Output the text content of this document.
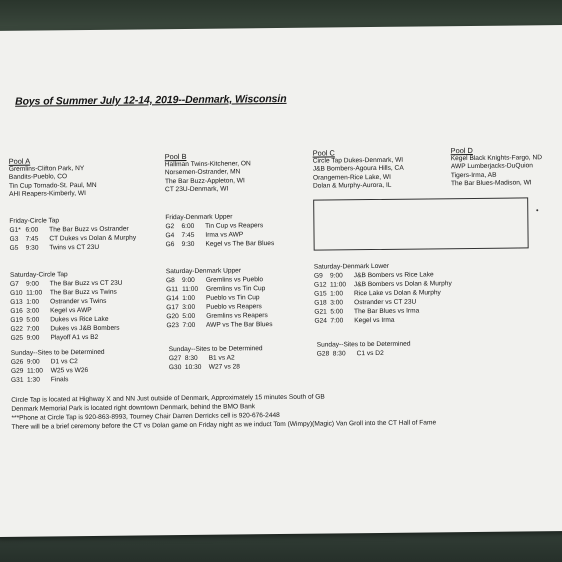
Boys of Summer July 12-14, 2019--Denmark, Wisconsin
Pool A
Gremlins-Clifton Park, NY
Bandits-Pueblo, CO
Tin Cup Tornado-St. Paul, MN
AHI Reapers-Kimberly, WI
Pool B
Hallman Twins-Kitchener, ON
Norsemen-Ostrander, MN
The Bar Buzz-Appleton, WI
CT 23U-Denmark, WI
Pool C
Circle Tap Dukes-Denmark, WI
J&B Bombers-Agoura Hills, CA
Orangemen-Rice Lake, WI
Dolan & Murphy-Aurora, IL
Pool D
Kegel Black Knights-Fargo, ND
AWP Lumberjacks-DuQuion
Tigers-Irma, AB
The Bar Blues-Madison, WI
Friday-Circle Tap
G1* 6:00 The Bar Buzz vs Ostrander
G3 7:45 CT Dukes vs Dolan & Murphy
G5 9:30 Twins vs CT 23U
Friday-Denmark Upper
G2 6:00 Tin Cup vs Reapers
G4 7:45 Irma vs AWP
G6 9:30 Kegel vs The Bar Blues
Saturday-Circle Tap
G7 9:00 The Bar Buzz vs CT 23U
G10 11:00 The Bar Buzz vs Twins
G13 1:00 Ostrander vs Twins
G16 3:00 Kegel vs AWP
G19 5:00 Dukes vs Rice Lake
G22 7:00 Dukes vs J&B Bombers
G25 9:00 Playoff A1 vs B2
Saturday-Denmark Upper
G8 9:00 Gremlins vs Pueblo
G11 11:00 Gremlins vs Tin Cup
G14 1:00 Pueblo vs Tin Cup
G17 3:00 Pueblo vs Reapers
G20 5:00 Gremlins vs Reapers
G23 7:00 AWP vs The Bar Blues
Saturday-Denmark Lower
G9 9:00 J&B Bombers vs Rice Lake
G12 11:00 J&B Bombers vs Dolan & Murphy
G15 1:00 Rice Lake vs Dolan & Murphy
G18 3:00 Ostrander vs CT 23U
G21 5:00 The Bar Blues vs Irma
G24 7:00 Kegel vs Irma
Sunday--Sites to be Determined
G26 9:00 D1 vs C2
G29 11:00 W25 vs W26
G31 1:30 Finals
Sunday--Sites to be Determined
G27 8:30 B1 vs A2
G30 10:30 W27 vs 28
Sunday--Sites to be Determined
G28 8:30 C1 vs D2
Circle Tap is located at Highway X and NN Just outside of Denmark, Approximately 15 minutes South of GB
Denmark Memorial Park is located right downtown Denmark, behind the BMO Bank
***Phone at Circle Tap is 920-863-8993, Tourney Chair Darren Derricks cell is 920-676-2448
There will be a brief ceremony before the CT vs Dolan game on Friday night as we induct Tom (Wimpy)(Magic) Van Groll into the CT Hall of Fame
